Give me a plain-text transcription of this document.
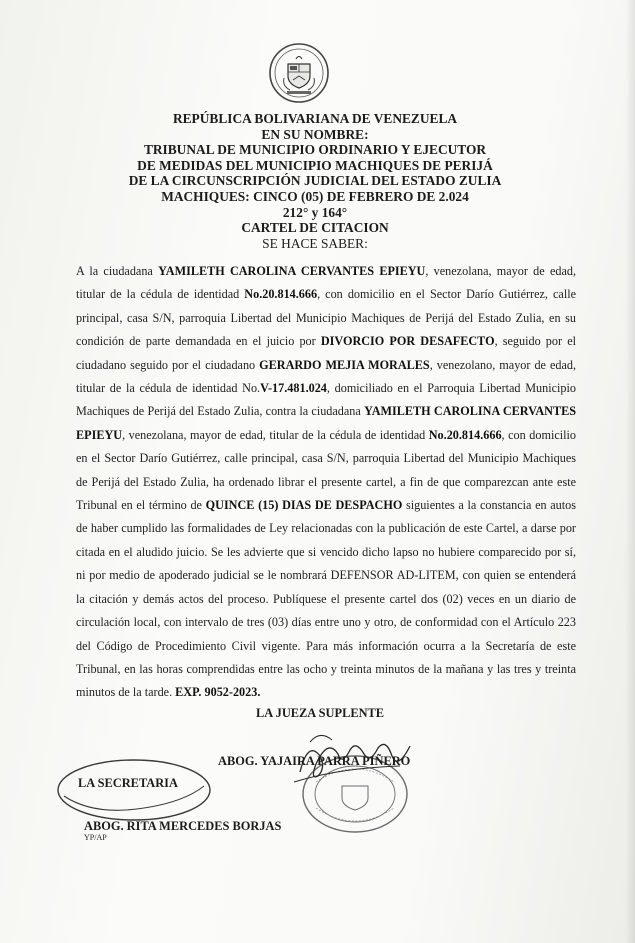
REPÚBLICA BOLIVARIANA DE VENEZUELA
EN SU NOMBRE:
TRIBUNAL DE MUNICIPIO ORDINARIO Y EJECUTOR
DE MEDIDAS DEL MUNICIPIO MACHIQUES DE PERIJÁ
DE LA CIRCUNSCRIPCIÓN JUDICIAL DEL ESTADO ZULIA
MACHIQUES: CINCO (05) DE FEBRERO DE 2.024
212° y 164°
CARTEL DE CITACION
SE HACE SABER:
A la ciudadana YAMILETH CAROLINA CERVANTES EPIEYU, venezolana, mayor de edad, titular de la cédula de identidad No.20.814.666, con domicilio en el Sector Darío Gutiérrez, calle principal, casa S/N, parroquia Libertad del Municipio Machiques de Perijá del Estado Zulia, en su condición de parte demandada en el juicio por DIVORCIO POR DESAFECTO, seguido por el ciudadano seguido por el ciudadano GERARDO MEJIA MORALES, venezolano, mayor de edad, titular de la cédula de identidad No.V-17.481.024, domiciliado en el Parroquia Libertad Municipio Machiques de Perijá del Estado Zulia, contra la ciudadana YAMILETH CAROLINA CERVANTES EPIEYU, venezolana, mayor de edad, titular de la cédula de identidad No.20.814.666, con domicilio en el Sector Darío Gutiérrez, calle principal, casa S/N, parroquia Libertad del Municipio Machiques de Perijá del Estado Zulia, ha ordenado librar el presente cartel, a fin de que comparezcan ante este Tribunal en el término de QUINCE (15) DIAS DE DESPACHO siguientes a la constancia en autos de haber cumplido las formalidades de Ley relacionadas con la publicación de este Cartel, a darse por citada en el aludido juicio. Se les advierte que si vencido dicho lapso no hubiere comparecido por sí, ni por medio de apoderado judicial se le nombrará DEFENSOR AD-LITEM, con quien se entenderá la citación y demás actos del proceso. Publíquese el presente cartel dos (02) veces en un diario de circulación local, con intervalo de tres (03) días entre uno y otro, de conformidad con el Artículo 223 del Código de Procedimiento Civil vigente. Para más información ocurra a la Secretaría de este Tribunal, en las horas comprendidas entre las ocho y treinta minutos de la mañana y las tres y treinta minutos de la tarde. EXP. 9052-2023.
LA JUEZA SUPLENTE
ABOG. YAJAIRA PARRA PIÑERO
LA SECRETARIA
ABOG. RITA MERCEDES BORJAS
YP/AP
